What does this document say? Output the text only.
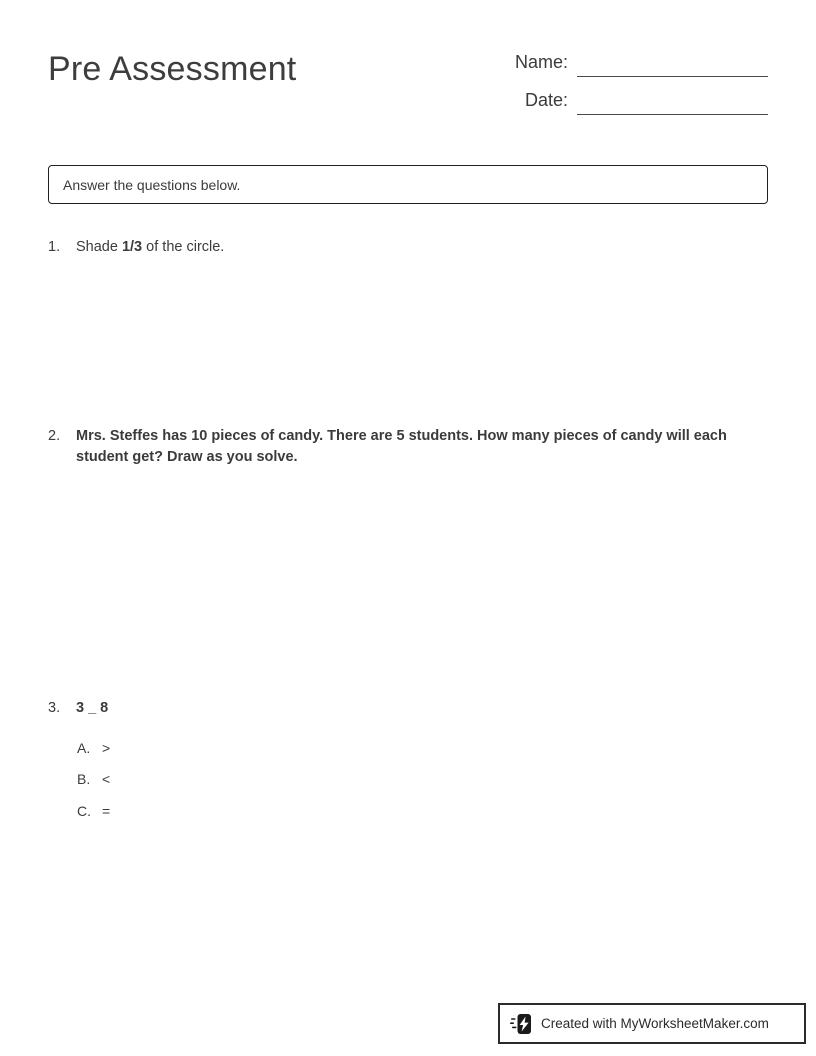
Pre Assessment	Name:
Date:
Answer the questions below.
1.	Shade 1/3 of the circle.
2.	Mrs. Steffes has 10 pieces of candy. There are 5 students. How many pieces of candy will each student get? Draw as you solve.
3.	3 _ 8
A. >
B. <
C. =
Created with MyWorksheetMaker.com
